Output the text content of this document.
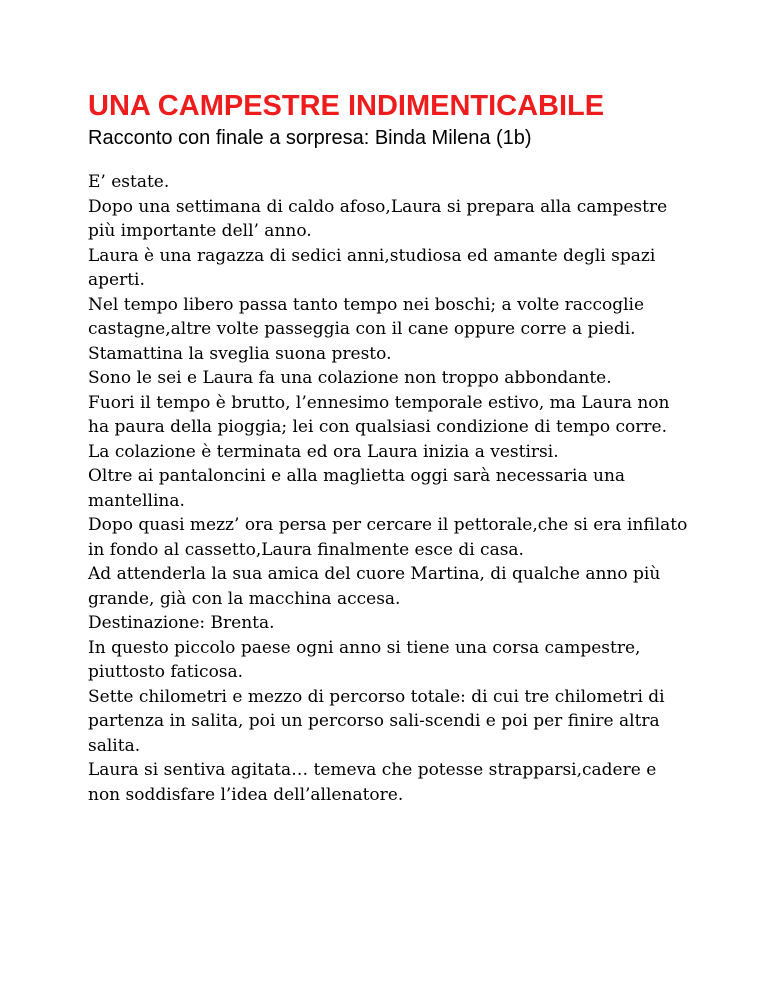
UNA CAMPESTRE INDIMENTICABILE
Racconto con finale a sorpresa: Binda Milena (1b)

E’ estate.

Dopo una settimana di caldo afoso,Laura si prepara alla campestre più importante dell’ anno.

Laura è una ragazza di sedici anni,studiosa ed amante degli spazi aperti.

Nel tempo libero passa tanto tempo nei boschi; a volte raccoglie castagne,altre volte passeggia con il cane oppure corre a piedi.

Stamattina la sveglia suona presto.

Sono le sei e Laura fa una colazione non troppo abbondante.

Fuori il tempo è brutto, l’ennesimo temporale estivo, ma Laura non ha paura della pioggia; lei con qualsiasi condizione di tempo corre.

La colazione è terminata ed ora Laura inizia a vestirsi.

Oltre ai pantaloncini e alla maglietta oggi sarà necessaria una mantellina.

Dopo quasi mezz’ ora persa per cercare il pettorale,che si era infilato in fondo al cassetto,Laura finalmente esce di casa.

Ad attenderla la sua amica del cuore Martina, di qualche anno più grande, già con la macchina accesa.

Destinazione: Brenta.

In questo piccolo paese ogni anno si tiene una corsa campestre, piuttosto faticosa.

Sette chilometri e mezzo di percorso totale: di cui tre chilometri di partenza in salita, poi un percorso sali-scendi e poi per finire altra salita.

Laura si sentiva agitata… temeva che potesse strapparsi,cadere e non soddisfare l’idea dell’allenatore.
